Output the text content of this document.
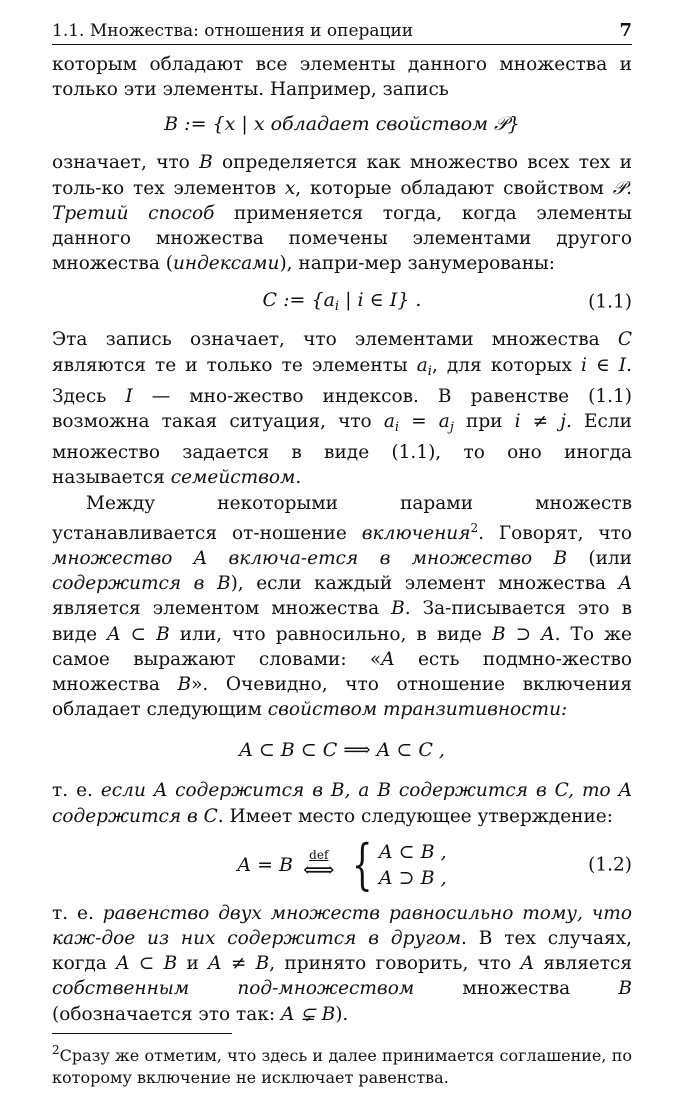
1.1. Множества: отношения и операции	7

которым обладают все элементы данного множества и только эти элементы. Например, запись

B := {x | x обладает свойством 𝒫}

означает, что B определяется как множество всех тех и толь-ко тех элементов x, которые обладают свойством 𝒫. Третий способ применяется тогда, когда элементы данного множества помечены элементами другого множества (индексами), напри-мер занумерованы:

C := {$a_i$ | i ∈ I} .	(1.1)

Эта запись означает, что элементами множества C являются те и только те элементы $a_i$, для которых i ∈ I. Здесь I — мно-жество индексов. В равенстве (1.1) возможна такая ситуация, что $a_i = a_j$ при i ≠ j. Если множество задается в виде (1.1), то оно иногда называется семейством.

Между некоторыми парами множеств устанавливается от-ношение включения$^2$. Говорят, что множество A включа-ется в множество B (или содержится в B), если каждый элемент множества A является элементом множества B. За-писывается это в виде A ⊂ B или, что равносильно, в виде B ⊃ A. То же самое выражают словами: «A есть подмно-жество множества B». Очевидно, что отношение включения обладает следующим свойством транзитивности:

A ⊂ B ⊂ C ⟹ A ⊂ C ,

т. е. если A содержится в B, а B содержится в C, то A содержится в C. Имеет место следующее утверждение:

A = B def
⟺ { A ⊂ B ,
A ⊃ B ,
(1.2)

т. е. равенство двух множеств равносильно тому, что каж-дое из них содержится в другом. В тех случаях, когда A ⊂ B и A ≠ B, принято говорить, что A является собственным под-множеством множества B (обозначается это так: A ⊊ B).

$^2$Сразу же отметим, что здесь и далее принимается соглашение, по которому включение не исключает равенства.
